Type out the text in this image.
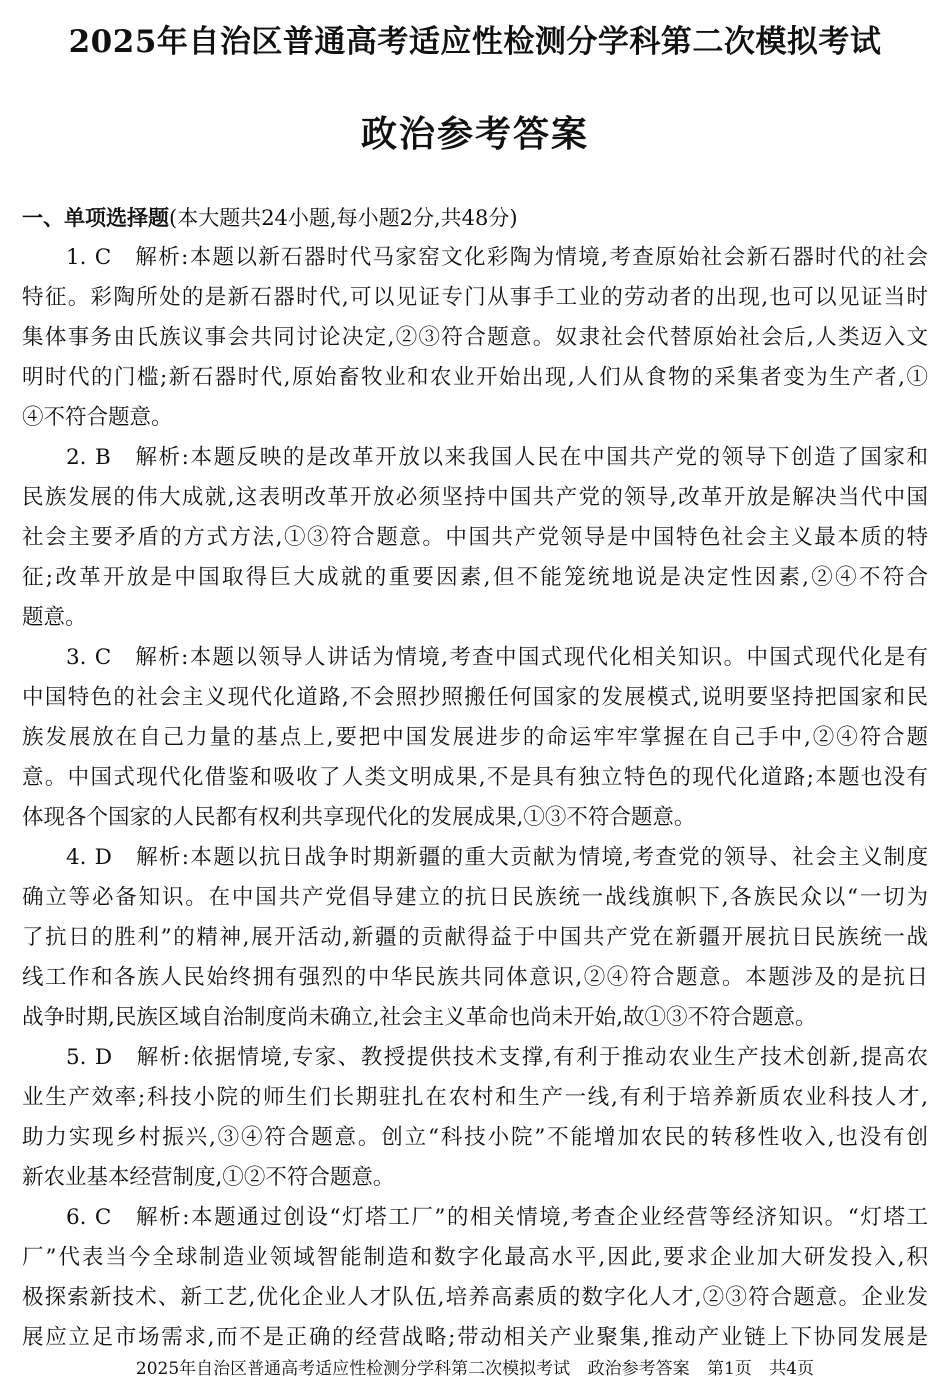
2025年自治区普通高考适应性检测分学科第二次模拟考试
政治参考答案
一、单项选择题(本大题共24小题,每小题2分,共48分)
1. C　解析:本题以新石器时代马家窑文化彩陶为情境,考查原始社会新石器时代的社会
特征。彩陶所处的是新石器时代,可以见证专门从事手工业的劳动者的出现,也可以见证当时
集体事务由氏族议事会共同讨论决定,②③符合题意。奴隶社会代替原始社会后,人类迈入文
明时代的门槛;新石器时代,原始畜牧业和农业开始出现,人们从食物的采集者变为生产者,①
④不符合题意。
2. B　解析:本题反映的是改革开放以来我国人民在中国共产党的领导下创造了国家和
民族发展的伟大成就,这表明改革开放必须坚持中国共产党的领导,改革开放是解决当代中国
社会主要矛盾的方式方法,①③符合题意。中国共产党领导是中国特色社会主义最本质的特
征;改革开放是中国取得巨大成就的重要因素,但不能笼统地说是决定性因素,②④不符合
题意。
3. C　解析:本题以领导人讲话为情境,考查中国式现代化相关知识。中国式现代化是有
中国特色的社会主义现代化道路,不会照抄照搬任何国家的发展模式,说明要坚持把国家和民
族发展放在自己力量的基点上,要把中国发展进步的命运牢牢掌握在自己手中,②④符合题
意。中国式现代化借鉴和吸收了人类文明成果,不是具有独立特色的现代化道路;本题也没有
体现各个国家的人民都有权利共享现代化的发展成果,①③不符合题意。
4. D　解析:本题以抗日战争时期新疆的重大贡献为情境,考查党的领导、社会主义制度
确立等必备知识。在中国共产党倡导建立的抗日民族统一战线旗帜下,各族民众以“一切为
了抗日的胜利”的精神,展开活动,新疆的贡献得益于中国共产党在新疆开展抗日民族统一战
线工作和各族人民始终拥有强烈的中华民族共同体意识,②④符合题意。本题涉及的是抗日
战争时期,民族区域自治制度尚未确立,社会主义革命也尚未开始,故①③不符合题意。
5. D　解析:依据情境,专家、教授提供技术支撑,有利于推动农业生产技术创新,提高农
业生产效率;科技小院的师生们长期驻扎在农村和生产一线,有利于培养新质农业科技人才,
助力实现乡村振兴,③④符合题意。创立“科技小院”不能增加农民的转移性收入,也没有创
新农业基本经营制度,①②不符合题意。
6. C　解析:本题通过创设“灯塔工厂”的相关情境,考查企业经营等经济知识。“灯塔工
厂”代表当今全球制造业领域智能制造和数字化最高水平,因此,要求企业加大研发投入,积
极探索新技术、新工艺,优化企业人才队伍,培养高素质的数字化人才,②③符合题意。企业发
展应立足市场需求,而不是正确的经营战略;带动相关产业聚集,推动产业链上下协同发展是
2025年自治区普通高考适应性检测分学科第二次模拟考试 政治参考答案 第1页 共4页
